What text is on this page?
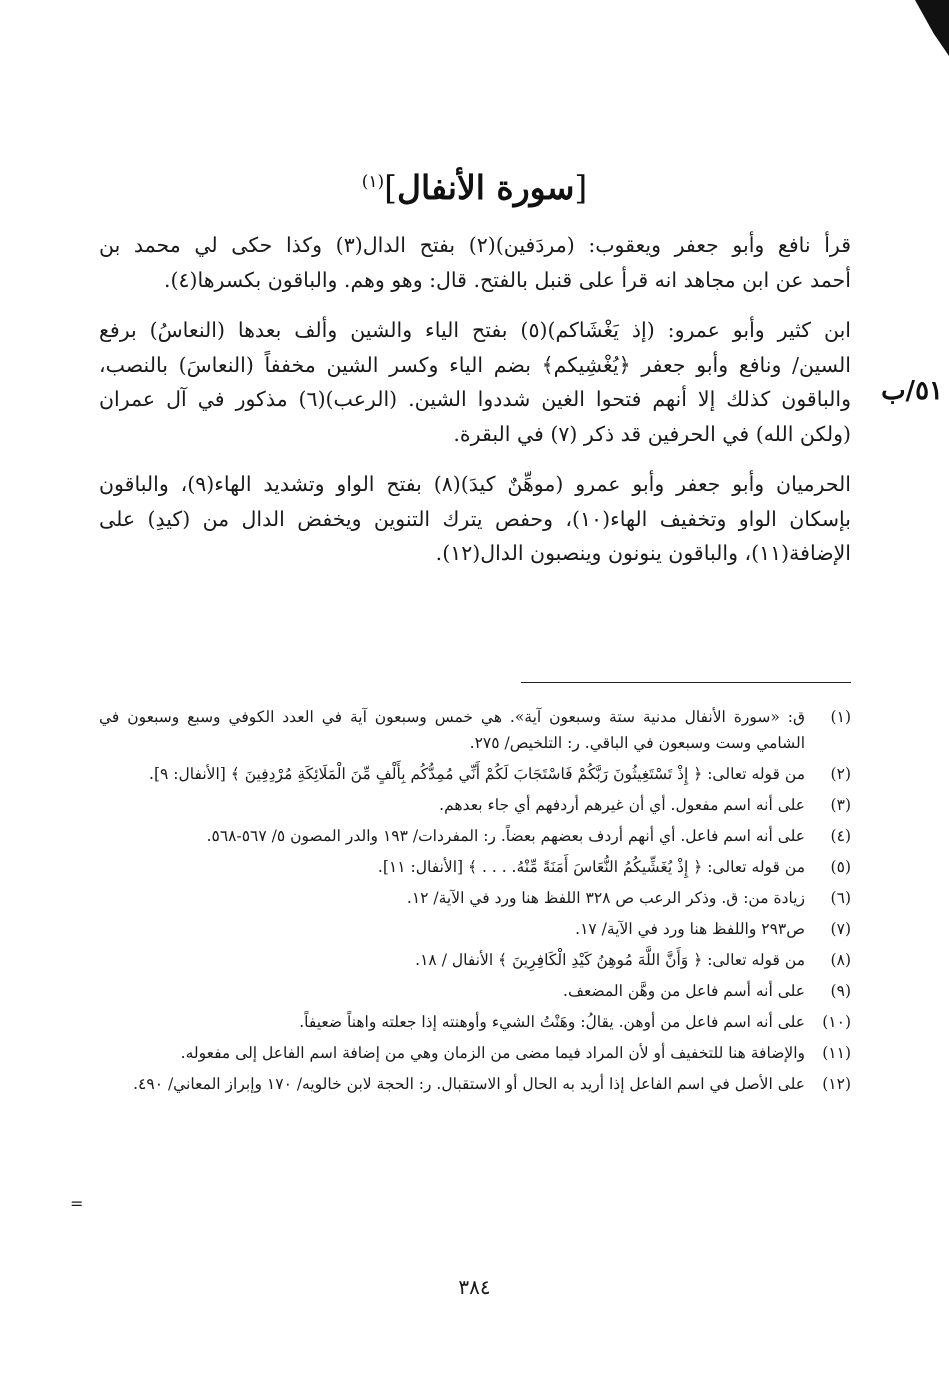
[سورة الأنفال]$^{(١)}$
٥١/ب

قرأ نافع وأبو جعفر ويعقوب: (مردَفين)(٢) بفتح الدال(٣) وكذا حكى لي محمد بن
أحمد عن ابن مجاهد انه قرأ على قنبل بالفتح. قال: وهو وهم. والباقون بكسرها(٤).

ابن كثير وأبو عمرو: (إذ يَغْشَاكم)(٥) بفتح الياء والشين وألف بعدها (النعاسُ) برفع
السين/ ونافع وأبو جعفر ﴿يُغْشِيكم﴾ بضم الياء وكسر الشين مخففاً (النعاسَ) بالنصب،
والباقون كذلك إلا أنهم فتحوا الغين شددوا الشين. (الرعب)(٦) مذكور في آل عمران
(ولكن الله) في الحرفين قد ذكر (٧) في البقرة.

الحرميان وأبو جعفر وأبو عمرو (موهِّنٌ كيدَ)(٨) بفتح الواو وتشديد الهاء(٩)، والباقون
بإسكان الواو وتخفيف الهاء(١٠)، وحفص يترك التنوين ويخفض الدال من (كيدِ) على
الإضافة(١١)، والباقون ينونون وينصبون الدال(١٢).

(١)
ق: «سورة الأنفال مدنية ستة وسبعون آية». هي خمس وسبعون آية في العدد الكوفي وسبع وسبعون في الشامي وست وسبعون في الباقي. ر: التلخيص/ ٢٧٥.
(٢)
من قوله تعالى: ﴿ إِذْ تَسْتَغِيثُونَ رَبَّكُمْ فَاسْتَجَابَ لَكُمْ أَنِّي مُمِدُّكُم بِأَلْفٍ مِّنَ الْمَلَائِكَةِ مُرْدِفِينَ ﴾ [الأنفال: ٩].
(٣)
على أنه اسم مفعول. أي أن غيرهم أردفهم أي جاء بعدهم.
(٤)
على أنه اسم فاعل. أي أنهم أردف بعضهم بعضاً. ر: المفردات/ ١٩٣ والدر المصون ٥/ ٥٦٧-٥٦٨.
(٥)
من قوله تعالى: ﴿ إِذْ يُغَشِّيكُمُ النُّعَاسَ أَمَنَةً مِّنْهُ. . . . ﴾ [الأنفال: ١١].
(٦)
زيادة من: ق. وذكر الرعب ص ٣٢٨ اللفظ هنا ورد في الآية/ ١٢.
(٧)
ص٢٩٣ واللفظ هنا ورد في الآية/ ١٧.
(٨)
من قوله تعالى: ﴿ وَأَنَّ اللَّهَ مُوهِنُ كَيْدِ الْكَافِرِينَ ﴾ الأنفال / ١٨.
(٩)
على أنه أسم فاعل من وهَّن المضعف.
(١٠)
على أنه اسم فاعل من أوهن. يقالُ: وهَنْتُ الشيء وأوهنته إذا جعلته واهناً ضعيفاً.
(١١)
والإضافة هنا للتخفيف أو لأن المراد فيما مضى من الزمان وهي من إضافة اسم الفاعل إلى مفعوله.
(١٢)
على الأصل في اسم الفاعل إذا أريد به الحال أو الاستقبال. ر: الحجة لابن خالويه/ ١٧٠ وإبراز المعاني/ ٤٩٠.
=
٣٨٤
